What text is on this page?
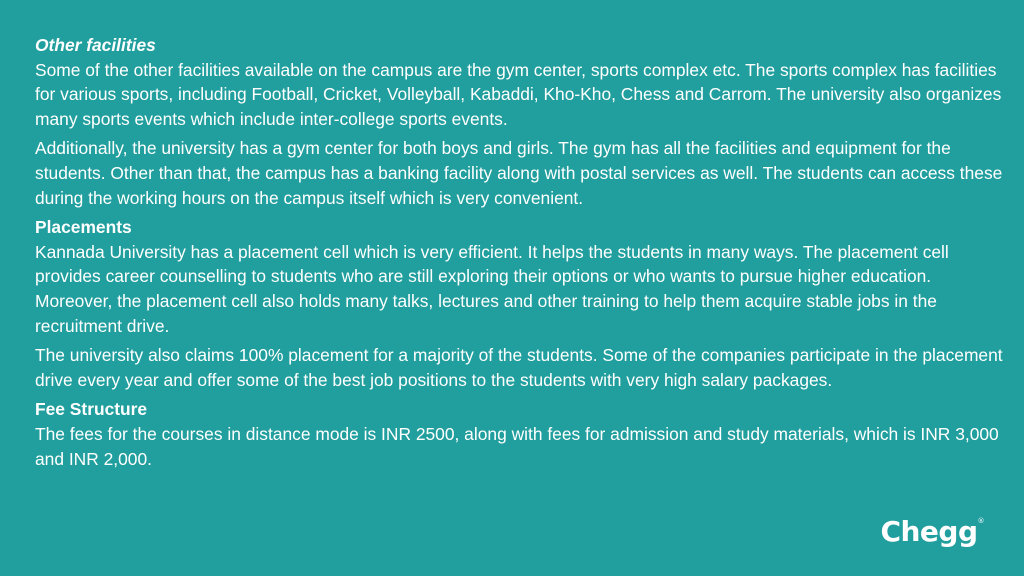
Other facilities

Some of the other facilities available on the campus are the gym center, sports complex etc. The sports complex has facilities for various sports, including Football, Cricket, Volleyball, Kabaddi, Kho-Kho, Chess and Carrom. The university also organizes many sports events which include inter-college sports events.

Additionally, the university has a gym center for both boys and girls. The gym has all the facilities and equipment for the students. Other than that, the campus has a banking facility along with postal services as well. The students can access these during the working hours on the campus itself which is very convenient.

Placements

Kannada University has a placement cell which is very efficient. It helps the students in many ways. The placement cell provides career counselling to students who are still exploring their options or who wants to pursue higher education. Moreover, the placement cell also holds many talks, lectures and other training to help them acquire stable jobs in the recruitment drive.

The university also claims 100% placement for a majority of the students. Some of the companies participate in the placement drive every year and offer some of the best job positions to the students with very high salary packages.

Fee Structure

The fees for the courses in distance mode is INR 2500, along with fees for admission and study materials, which is INR 3,000 and INR 2,000.

Chegg®
